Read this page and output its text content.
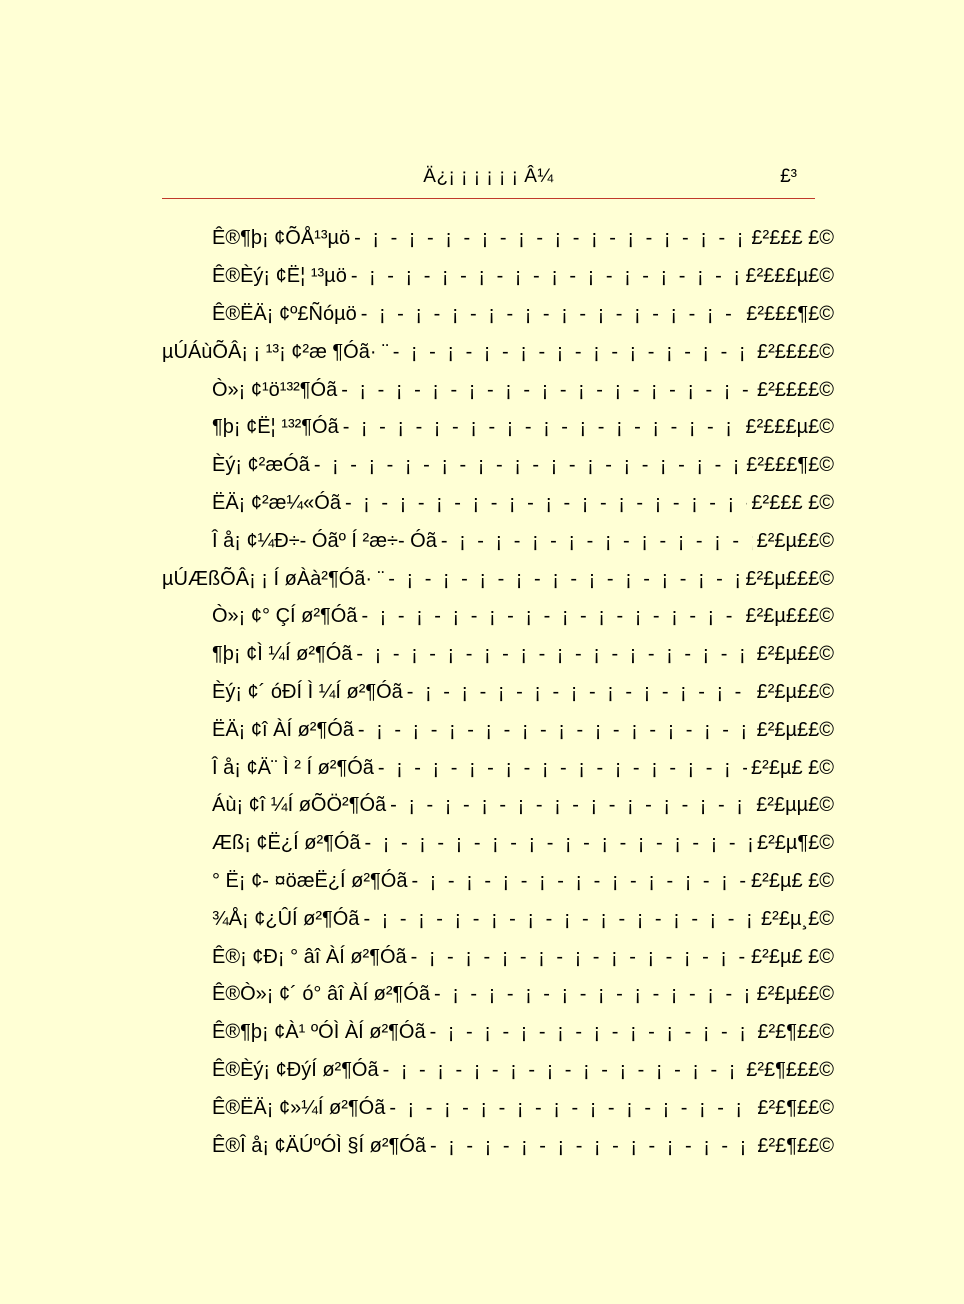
Ä¿¡ ¡ ¡ ¡ ¡ ¡ Â¼	£³
Ê®¶þ¡ ¢ÕÅ¹³µö - ¡ - ¡ - ¡ - ¡ - ¡ - ¡ - ¡ - ¡ - ¡ - ¡ - ¡ - ¡ - ¡ - ¡ - ¡ - ¡ - ¡ - ¡ - ¡ - ¡ - ¡ - ¡ - ¡ - ¡ - ¡ - ¡ - ¡ -	£²£££ £©
Ê®Èý¡ ¢Ë¦ ¹³µö - ¡ - ¡ - ¡ - ¡ - ¡ - ¡ - ¡ - ¡ - ¡ - ¡ - ¡ - ¡ - ¡ - ¡ - ¡ - ¡ - ¡ - ¡ - ¡ - ¡ - ¡ - ¡ - ¡ - ¡ - ¡ - ¡ - ¡ -	£²£££µ£©
Ê®ËÄ¡ ¢º£Ñóµö - ¡ - ¡ - ¡ - ¡ - ¡ - ¡ - ¡ - ¡ - ¡ - ¡ - ¡ - ¡ - ¡ - ¡ - ¡ - ¡ - ¡ - ¡ - ¡ - ¡ - ¡ - ¡ - ¡ - ¡ - ¡ - ¡ - ¡ -	£²£££¶£©
µÚÁùÕÂ¡ ¡ ¹³¡ ¢²æ ¶Óã· ¨ - ¡ - ¡ - ¡ - ¡ - ¡ - ¡ - ¡ - ¡ - ¡ - ¡ - ¡ - ¡ - ¡ - ¡ - ¡ - ¡ - ¡ - ¡ - ¡ - ¡ - ¡ - ¡ - ¡ - ¡ - ¡ - ¡ - ¡ -	£²££££©
Ò»¡ ¢¹ö¹³²¶Óã - ¡ - ¡ - ¡ - ¡ - ¡ - ¡ - ¡ - ¡ - ¡ - ¡ - ¡ - ¡ - ¡ - ¡ - ¡ - ¡ - ¡ - ¡ - ¡ - ¡ - ¡ - ¡ - ¡ - ¡ - ¡ - ¡ - ¡ -	£²££££©
¶þ¡ ¢Ë¦ ¹³²¶Óã - ¡ - ¡ - ¡ - ¡ - ¡ - ¡ - ¡ - ¡ - ¡ - ¡ - ¡ - ¡ - ¡ - ¡ - ¡ - ¡ - ¡ - ¡ - ¡ - ¡ - ¡ - ¡ - ¡ - ¡ - ¡ - ¡ - ¡ -	£²£££µ£©
Èý¡ ¢²æÓã - ¡ - ¡ - ¡ - ¡ - ¡ - ¡ - ¡ - ¡ - ¡ - ¡ - ¡ - ¡ - ¡ - ¡ - ¡ - ¡ - ¡ - ¡ - ¡ - ¡ - ¡ - ¡ - ¡ - ¡ - ¡ - ¡ - ¡ -	£²£££¶£©
ËÄ¡ ¢²æ¼«Óã - ¡ - ¡ - ¡ - ¡ - ¡ - ¡ - ¡ - ¡ - ¡ - ¡ - ¡ - ¡ - ¡ - ¡ - ¡ - ¡ - ¡ - ¡ - ¡ - ¡ - ¡ - ¡ - ¡ - ¡ - ¡ - ¡ - ¡ -	£²£££ £©
Î å¡ ¢¼Ð÷- Óãº Í ²æ÷- Óã - ¡ - ¡ - ¡ - ¡ - ¡ - ¡ - ¡ - ¡ - ¡ - ¡ - ¡ - ¡ - ¡ - ¡ - ¡ - ¡ - ¡ - ¡ - ¡ - ¡ - ¡ - ¡ - ¡ - ¡ - ¡ - ¡ - ¡ -	£²£µ££©
µÚÆßÕÂ¡ ¡ Í øÀà²¶Óã· ¨ - ¡ - ¡ - ¡ - ¡ - ¡ - ¡ - ¡ - ¡ - ¡ - ¡ - ¡ - ¡ - ¡ - ¡ - ¡ - ¡ - ¡ - ¡ - ¡ - ¡ - ¡ - ¡ - ¡ - ¡ - ¡ - ¡ - ¡ -	£²£µ£££©
Ò»¡ ¢° ÇÍ ø²¶Óã - ¡ - ¡ - ¡ - ¡ - ¡ - ¡ - ¡ - ¡ - ¡ - ¡ - ¡ - ¡ - ¡ - ¡ - ¡ - ¡ - ¡ - ¡ - ¡ - ¡ - ¡ - ¡ - ¡ - ¡ - ¡ - ¡ - ¡ -	£²£µ£££©
¶þ¡ ¢Ì ¼Í ø²¶Óã - ¡ - ¡ - ¡ - ¡ - ¡ - ¡ - ¡ - ¡ - ¡ - ¡ - ¡ - ¡ - ¡ - ¡ - ¡ - ¡ - ¡ - ¡ - ¡ - ¡ - ¡ - ¡ - ¡ - ¡ - ¡ - ¡ - ¡ -	£²£µ££©
Èý¡ ¢´ óÐÍ Ì ¼Í ø²¶Óã - ¡ - ¡ - ¡ - ¡ - ¡ - ¡ - ¡ - ¡ - ¡ - ¡ - ¡ - ¡ - ¡ - ¡ - ¡ - ¡ - ¡ - ¡ - ¡ - ¡ - ¡ - ¡ - ¡ - ¡ - ¡ - ¡ - ¡ -	£²£µ££©
ËÄ¡ ¢î ÀÍ ø²¶Óã - ¡ - ¡ - ¡ - ¡ - ¡ - ¡ - ¡ - ¡ - ¡ - ¡ - ¡ - ¡ - ¡ - ¡ - ¡ - ¡ - ¡ - ¡ - ¡ - ¡ - ¡ - ¡ - ¡ - ¡ - ¡ - ¡ - ¡ -	£²£µ££©
Î å¡ ¢Ä¨ Ì ² Í ø²¶Óã - ¡ - ¡ - ¡ - ¡ - ¡ - ¡ - ¡ - ¡ - ¡ - ¡ - ¡ - ¡ - ¡ - ¡ - ¡ - ¡ - ¡ - ¡ - ¡ - ¡ - ¡ - ¡ - ¡ - ¡ - ¡ - ¡ - ¡ -	£²£µ£ £©
Áù¡ ¢î ¼Í øÕÖ²¶Óã - ¡ - ¡ - ¡ - ¡ - ¡ - ¡ - ¡ - ¡ - ¡ - ¡ - ¡ - ¡ - ¡ - ¡ - ¡ - ¡ - ¡ - ¡ - ¡ - ¡ - ¡ - ¡ - ¡ - ¡ - ¡ - ¡ - ¡ -	£²£µµ£©
Æß¡ ¢Ë¿Í ø²¶Óã - ¡ - ¡ - ¡ - ¡ - ¡ - ¡ - ¡ - ¡ - ¡ - ¡ - ¡ - ¡ - ¡ - ¡ - ¡ - ¡ - ¡ - ¡ - ¡ - ¡ - ¡ - ¡ - ¡ - ¡ - ¡ - ¡ - ¡ -	£²£µ¶£©
° Ë¡ ¢- ¤öæË¿Í ø²¶Óã - ¡ - ¡ - ¡ - ¡ - ¡ - ¡ - ¡ - ¡ - ¡ - ¡ - ¡ - ¡ - ¡ - ¡ - ¡ - ¡ - ¡ - ¡ - ¡ - ¡ - ¡ - ¡ - ¡ - ¡ - ¡ - ¡ - ¡ -	£²£µ£ £©
¾Å¡ ¢¿ÛÍ ø²¶Óã - ¡ - ¡ - ¡ - ¡ - ¡ - ¡ - ¡ - ¡ - ¡ - ¡ - ¡ - ¡ - ¡ - ¡ - ¡ - ¡ - ¡ - ¡ - ¡ - ¡ - ¡ - ¡ - ¡ - ¡ - ¡ - ¡ - ¡ -	£²£µ¸£©
Ê®¡ ¢Ð¡ ° âî ÀÍ ø²¶Óã - ¡ - ¡ - ¡ - ¡ - ¡ - ¡ - ¡ - ¡ - ¡ - ¡ - ¡ - ¡ - ¡ - ¡ - ¡ - ¡ - ¡ - ¡ - ¡ - ¡ - ¡ - ¡ - ¡ - ¡ - ¡ - ¡ - ¡ -	£²£µ£ £©
Ê®Ò»¡ ¢´ ó° âî ÀÍ ø²¶Óã - ¡ - ¡ - ¡ - ¡ - ¡ - ¡ - ¡ - ¡ - ¡ - ¡ - ¡ - ¡ - ¡ - ¡ - ¡ - ¡ - ¡ - ¡ - ¡ - ¡ - ¡ - ¡ - ¡ - ¡ - ¡ - ¡ - ¡ -	£²£µ££©
Ê®¶þ¡ ¢À¹ ºÓÌ ÀÍ ø²¶Óã - ¡ - ¡ - ¡ - ¡ - ¡ - ¡ - ¡ - ¡ - ¡ - ¡ - ¡ - ¡ - ¡ - ¡ - ¡ - ¡ - ¡ - ¡ - ¡ - ¡ - ¡ - ¡ - ¡ - ¡ - ¡ - ¡ - ¡ -	£²£¶££©
Ê®Èý¡ ¢ÐýÍ ø²¶Óã - ¡ - ¡ - ¡ - ¡ - ¡ - ¡ - ¡ - ¡ - ¡ - ¡ - ¡ - ¡ - ¡ - ¡ - ¡ - ¡ - ¡ - ¡ - ¡ - ¡ - ¡ - ¡ - ¡ - ¡ - ¡ - ¡ - ¡ -	£²£¶£££©
Ê®ËÄ¡ ¢»¼Í ø²¶Óã - ¡ - ¡ - ¡ - ¡ - ¡ - ¡ - ¡ - ¡ - ¡ - ¡ - ¡ - ¡ - ¡ - ¡ - ¡ - ¡ - ¡ - ¡ - ¡ - ¡ - ¡ - ¡ - ¡ - ¡ - ¡ - ¡ - ¡ -	£²£¶££©
Ê®Î å¡ ¢ÄÚºÓÌ §Í ø²¶Óã - ¡ - ¡ - ¡ - ¡ - ¡ - ¡ - ¡ - ¡ - ¡ - ¡ - ¡ - ¡ - ¡ - ¡ - ¡ - ¡ - ¡ - ¡ - ¡ - ¡ - ¡ - ¡ - ¡ - ¡ - ¡ - ¡ - ¡ -	£²£¶££©
